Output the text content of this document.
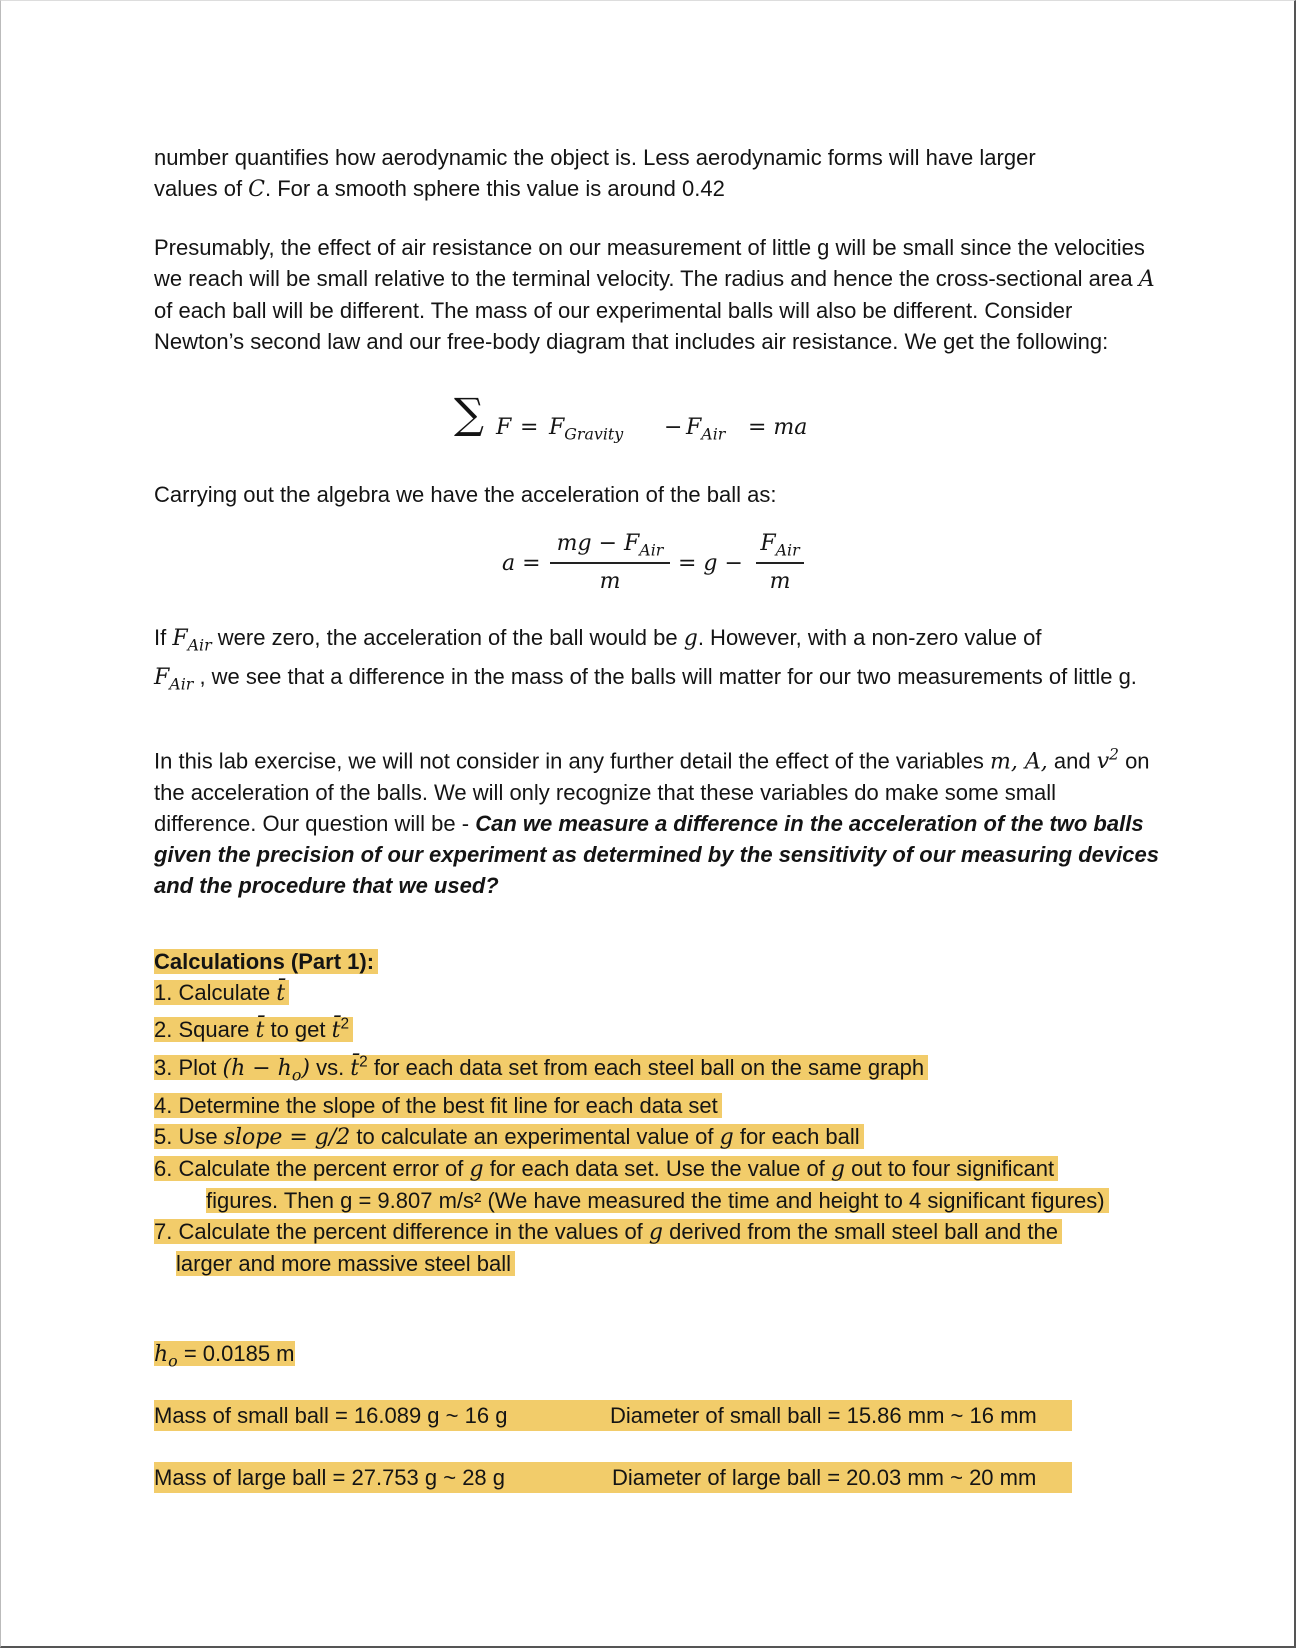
number quantifies how aerodynamic the object is. Less aerodynamic forms will have larger

values of C. For a smooth sphere this value is around 0.42

Presumably, the effect of air resistance on our measurement of little g will be small since the velocities we reach will be small relative to the terminal velocity. The radius and hence the cross-sectional area A of each ball will be different. The mass of our experimental balls will also be different. Consider Newton’s second law and our free-body diagram that includes air resistance. We get the following:

∑ $F = F_{Gravity} - F_{Air}$ = ma

Carrying out the algebra we have the acceleration of the ball as:

a =
mg − $F_{Air}$
m
= g −
$F_{Air}$
m

If $F_{Air}$ were zero, the acceleration of the ball would be g. However, with a non-zero value of
$F_{Air}$ , we see that a difference in the mass of the balls will matter for our two measurements of little g.

In this lab exercise, we will not consider in any further detail the effect of the variables m, A, and $v^2$ on the acceleration of the balls. We will only recognize that these variables do make some small difference. Our question will be - Can we measure a difference in the acceleration of the two balls given the precision of our experiment as determined by the sensitivity of our measuring devices and the procedure that we used?

Calculations (Part 1):
1. Calculate t̄
2. Square t̄ to get t̄$^2$
3. Plot $(h - h_o)$ vs. t̄$^2$ for each data set from each steel ball on the same graph
4. Determine the slope of the best fit line for each data set
5. Use slope = g/2 to calculate an experimental value of g for each ball
6. Calculate the percent error of g for each data set. Use the value of g out to four significant
figures. Then g = 9.807 m/s² (We have measured the time and height to 4 significant figures)
7. Calculate the percent difference in the values of g derived from the small steel ball and the
larger and more massive steel ball
$h_o = 0.0185$ m
Mass of small ball = 16.089 g ~ 16 g	Diameter of small ball = 15.86 mm ~ 16 mm
Mass of large ball = 27.753 g ~ 28 g	Diameter of large ball = 20.03 mm ~ 20 mm
